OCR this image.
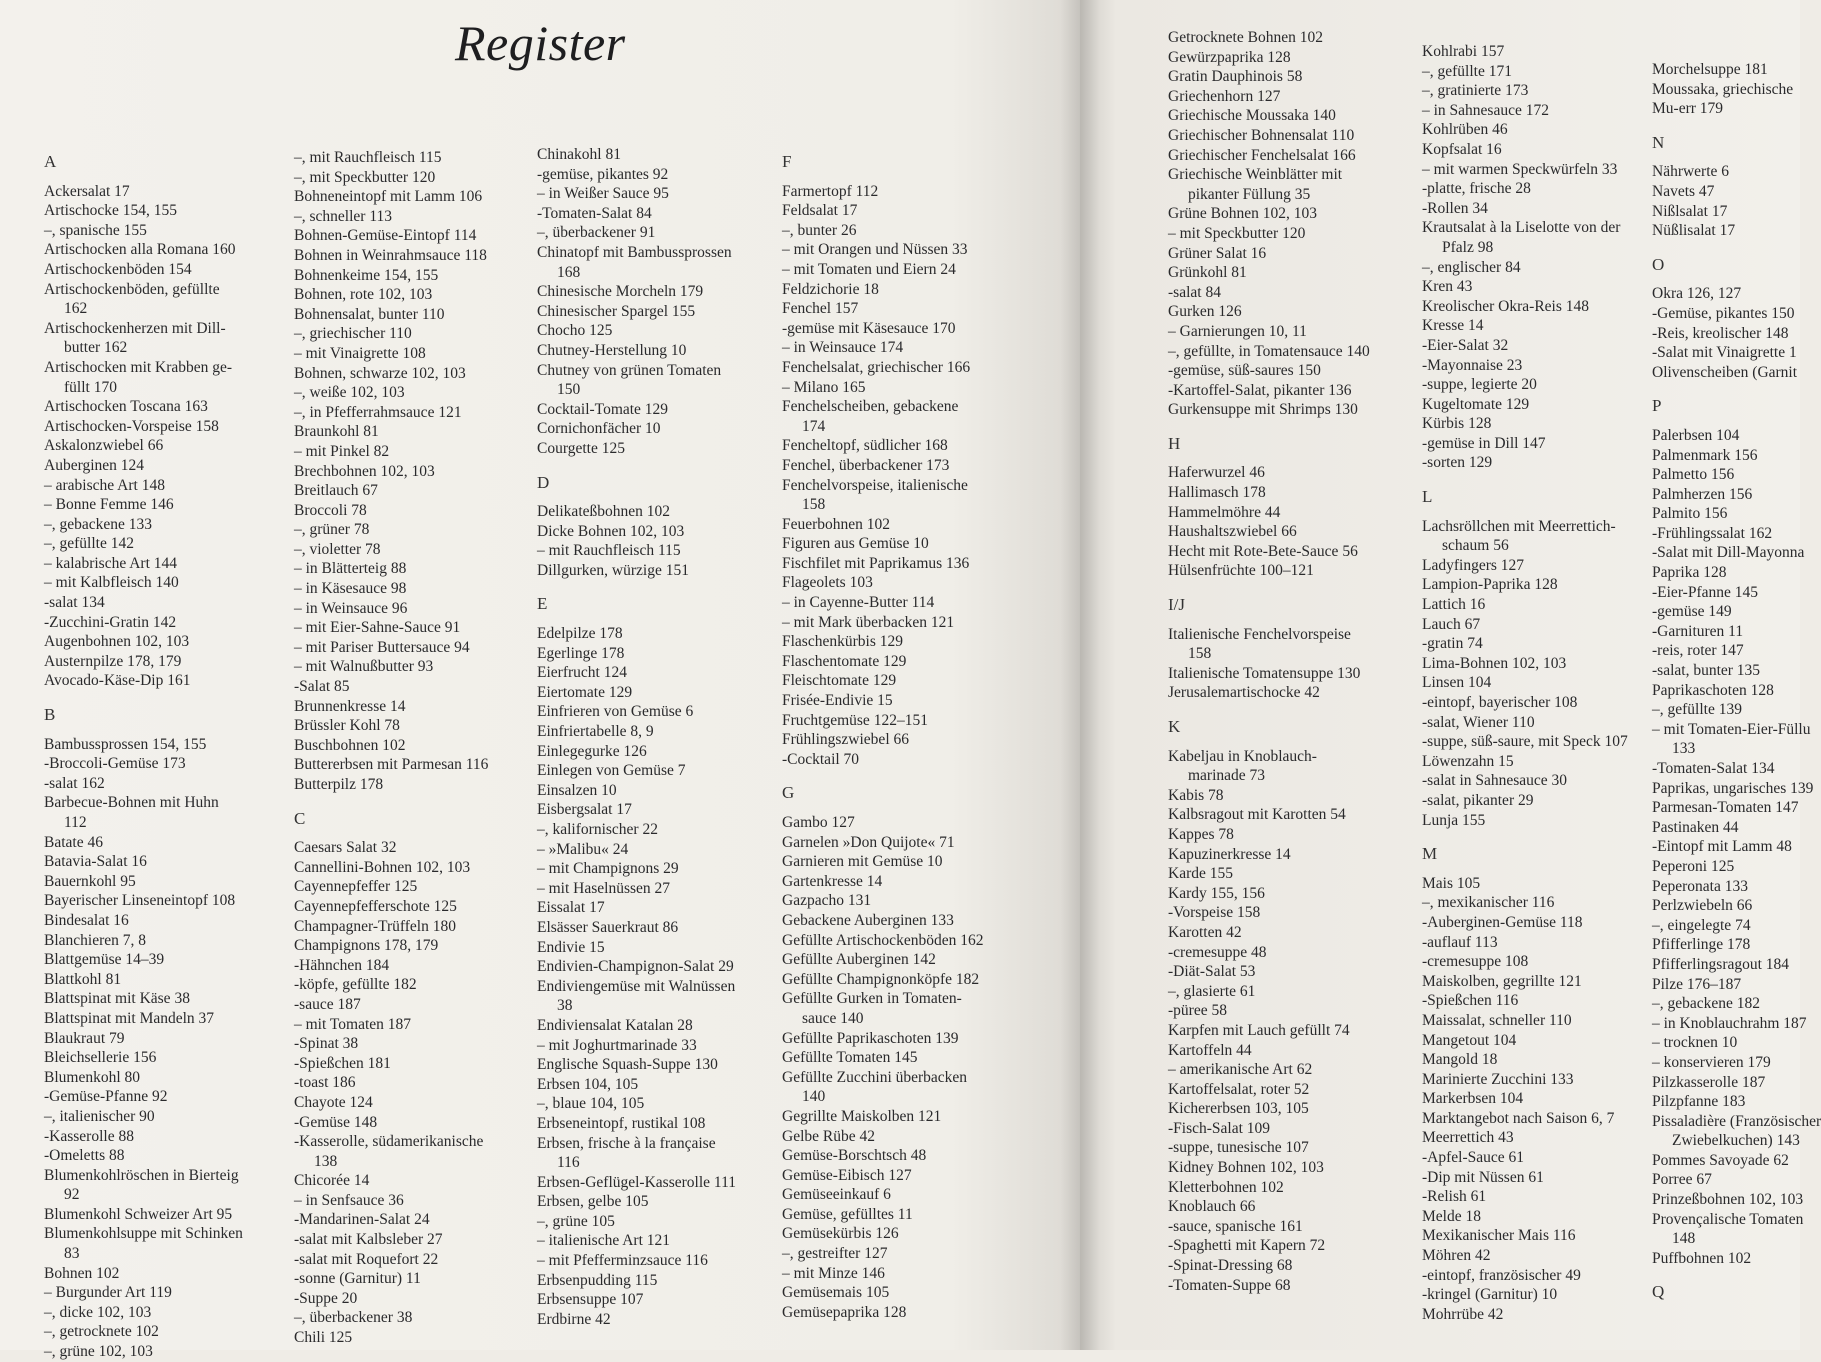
Register
A
Ackersalat 17
Artischocke 154, 155
–, spanische 155
Artischocken alla Romana 160
Artischockenböden 154
Artischockenböden, gefüllte
162
Artischockenherzen mit Dill-
butter 162
Artischocken mit Krabben ge-
füllt 170
Artischocken Toscana 163
Artischocken-Vorspeise 158
Askalonzwiebel 66
Auberginen 124
– arabische Art 148
– Bonne Femme 146
–, gebackene 133
–, gefüllte 142
– kalabrische Art 144
– mit Kalbfleisch 140
-salat 134
-Zucchini-Gratin 142
Augenbohnen 102, 103
Austernpilze 178, 179
Avocado-Käse-Dip 161
B
Bambussprossen 154, 155
-Broccoli-Gemüse 173
-salat 162
Barbecue-Bohnen mit Huhn
112
Batate 46
Batavia-Salat 16
Bauernkohl 95
Bayerischer Linseneintopf 108
Bindesalat 16
Blanchieren 7, 8
Blattgemüse 14–39
Blattkohl 81
Blattspinat mit Käse 38
Blattspinat mit Mandeln 37
Blaukraut 79
Bleichsellerie 156
Blumenkohl 80
-Gemüse-Pfanne 92
–, italienischer 90
-Kasserolle 88
-Omeletts 88
Blumenkohlröschen in Bierteig
92
Blumenkohl Schweizer Art 95
Blumenkohlsuppe mit Schinken
83
Bohnen 102
– Burgunder Art 119
–, dicke 102, 103
–, getrocknete 102
–, grüne 102, 103
–, mit Rauchfleisch 115
–, mit Speckbutter 120
Bohneneintopf mit Lamm 106
–, schneller 113
Bohnen-Gemüse-Eintopf 114
Bohnen in Weinrahmsauce 118
Bohnenkeime 154, 155
Bohnen, rote 102, 103
Bohnensalat, bunter 110
–, griechischer 110
– mit Vinaigrette 108
Bohnen, schwarze 102, 103
–, weiße 102, 103
–, in Pfefferrahmsauce 121
Braunkohl 81
– mit Pinkel 82
Brechbohnen 102, 103
Breitlauch 67
Broccoli 78
–, grüner 78
–, violetter 78
– in Blätterteig 88
– in Käsesauce 98
– in Weinsauce 96
– mit Eier-Sahne-Sauce 91
– mit Pariser Buttersauce 94
– mit Walnußbutter 93
-Salat 85
Brunnenkresse 14
Brüssler Kohl 78
Buschbohnen 102
Buttererbsen mit Parmesan 116
Butterpilz 178
C
Caesars Salat 32
Cannellini-Bohnen 102, 103
Cayennepfeffer 125
Cayennepfefferschote 125
Champagner-Trüffeln 180
Champignons 178, 179
-Hähnchen 184
-köpfe, gefüllte 182
-sauce 187
– mit Tomaten 187
-Spinat 38
-Spießchen 181
-toast 186
Chayote 124
-Gemüse 148
-Kasserolle, südamerikanische
138
Chicorée 14
– in Senfsauce 36
-Mandarinen-Salat 24
-salat mit Kalbsleber 27
-salat mit Roquefort 22
-sonne (Garnitur) 11
-Suppe 20
–, überbackener 38
Chili 125
Chinakohl 81
-gemüse, pikantes 92
– in Weißer Sauce 95
-Tomaten-Salat 84
–, überbackener 91
Chinatopf mit Bambussprossen
168
Chinesische Morcheln 179
Chinesischer Spargel 155
Chocho 125
Chutney-Herstellung 10
Chutney von grünen Tomaten
150
Cocktail-Tomate 129
Cornichonfächer 10
Courgette 125
D
Delikateßbohnen 102
Dicke Bohnen 102, 103
– mit Rauchfleisch 115
Dillgurken, würzige 151
E
Edelpilze 178
Egerlinge 178
Eierfrucht 124
Eiertomate 129
Einfrieren von Gemüse 6
Einfriertabelle 8, 9
Einlegegurke 126
Einlegen von Gemüse 7
Einsalzen 10
Eisbergsalat 17
–, kalifornischer 22
– »Malibu« 24
– mit Champignons 29
– mit Haselnüssen 27
Eissalat 17
Elsässer Sauerkraut 86
Endivie 15
Endivien-Champignon-Salat 29
Endiviengemüse mit Walnüssen
38
Endiviensalat Katalan 28
– mit Joghurtmarinade 33
Englische Squash-Suppe 130
Erbsen 104, 105
–, blaue 104, 105
Erbseneintopf, rustikal 108
Erbsen, frische à la française
116
Erbsen-Geflügel-Kasserolle 111
Erbsen, gelbe 105
–, grüne 105
– italienische Art 121
– mit Pfefferminzsauce 116
Erbsenpudding 115
Erbsensuppe 107
Erdbirne 42
F
Farmertopf 112
Feldsalat 17
–, bunter 26
– mit Orangen und Nüssen 33
– mit Tomaten und Eiern 24
Feldzichorie 18
Fenchel 157
-gemüse mit Käsesauce 170
– in Weinsauce 174
Fenchelsalat, griechischer 166
– Milano 165
Fenchelscheiben, gebackene
174
Fencheltopf, südlicher 168
Fenchel, überbackener 173
Fenchelvorspeise, italienische
158
Feuerbohnen 102
Figuren aus Gemüse 10
Fischfilet mit Paprikamus 136
Flageolets 103
– in Cayenne-Butter 114
– mit Mark überbacken 121
Flaschenkürbis 129
Flaschentomate 129
Fleischtomate 129
Frisée-Endivie 15
Fruchtgemüse 122–151
Frühlingszwiebel 66
-Cocktail 70
G
Gambo 127
Garnelen »Don Quijote« 71
Garnieren mit Gemüse 10
Gartenkresse 14
Gazpacho 131
Gebackene Auberginen 133
Gefüllte Artischockenböden 162
Gefüllte Auberginen 142
Gefüllte Champignonköpfe 182
Gefüllte Gurken in Tomaten-
sauce 140
Gefüllte Paprikaschoten 139
Gefüllte Tomaten 145
Gefüllte Zucchini überbacken
140
Gegrillte Maiskolben 121
Gelbe Rübe 42
Gemüse-Borschtsch 48
Gemüse-Eibisch 127
Gemüseeinkauf 6
Gemüse, gefülltes 11
Gemüsekürbis 126
–, gestreifter 127
– mit Minze 146
Gemüsemais 105
Gemüsepaprika 128
Getrocknete Bohnen 102
Gewürzpaprika 128
Gratin Dauphinois 58
Griechenhorn 127
Griechische Moussaka 140
Griechischer Bohnensalat 110
Griechischer Fenchelsalat 166
Griechische Weinblätter mit
pikanter Füllung 35
Grüne Bohnen 102, 103
– mit Speckbutter 120
Grüner Salat 16
Grünkohl 81
-salat 84
Gurken 126
– Garnierungen 10, 11
–, gefüllte, in Tomatensauce 140
-gemüse, süß-saures 150
-Kartoffel-Salat, pikanter 136
Gurkensuppe mit Shrimps 130
H
Haferwurzel 46
Hallimasch 178
Hammelmöhre 44
Haushaltszwiebel 66
Hecht mit Rote-Bete-Sauce 56
Hülsenfrüchte 100–121
I/J
Italienische Fenchelvorspeise
158
Italienische Tomatensuppe 130
Jerusalemartischocke 42
K
Kabeljau in Knoblauch-
marinade 73
Kabis 78
Kalbsragout mit Karotten 54
Kappes 78
Kapuzinerkresse 14
Karde 155
Kardy 155, 156
-Vorspeise 158
Karotten 42
-cremesuppe 48
-Diät-Salat 53
–, glasierte 61
-püree 58
Karpfen mit Lauch gefüllt 74
Kartoffeln 44
– amerikanische Art 62
Kartoffelsalat, roter 52
Kichererbsen 103, 105
-Fisch-Salat 109
-suppe, tunesische 107
Kidney Bohnen 102, 103
Kletterbohnen 102
Knoblauch 66
-sauce, spanische 161
-Spaghetti mit Kapern 72
-Spinat-Dressing 68
-Tomaten-Suppe 68
Kohlrabi 157
–, gefüllte 171
–, gratinierte 173
– in Sahnesauce 172
Kohlrüben 46
Kopfsalat 16
– mit warmen Speckwürfeln 33
-platte, frische 28
-Rollen 34
Krautsalat à la Liselotte von der
Pfalz 98
–, englischer 84
Kren 43
Kreolischer Okra-Reis 148
Kresse 14
-Eier-Salat 32
-Mayonnaise 23
-suppe, legierte 20
Kugeltomate 129
Kürbis 128
-gemüse in Dill 147
-sorten 129
L
Lachsröllchen mit Meerrettich-
schaum 56
Ladyfingers 127
Lampion-Paprika 128
Lattich 16
Lauch 67
-gratin 74
Lima-Bohnen 102, 103
Linsen 104
-eintopf, bayerischer 108
-salat, Wiener 110
-suppe, süß-saure, mit Speck 107
Löwenzahn 15
-salat in Sahnesauce 30
-salat, pikanter 29
Lunja 155
M
Mais 105
–, mexikanischer 116
-Auberginen-Gemüse 118
-auflauf 113
-cremesuppe 108
Maiskolben, gegrillte 121
-Spießchen 116
Maissalat, schneller 110
Mangetout 104
Mangold 18
Marinierte Zucchini 133
Markerbsen 104
Marktangebot nach Saison 6, 7
Meerrettich 43
-Apfel-Sauce 61
-Dip mit Nüssen 61
-Relish 61
Melde 18
Mexikanischer Mais 116
Möhren 42
-eintopf, französischer 49
-kringel (Garnitur) 10
Mohrrübe 42
Morchelsuppe 181
Moussaka, griechische
Mu-err 179
N
Nährwerte 6
Navets 47
Nißlsalat 17
Nüßlisalat 17
O
Okra 126, 127
-Gemüse, pikantes 150
-Reis, kreolischer 148
-Salat mit Vinaigrette 1
Olivenscheiben (Garnit
P
Palerbsen 104
Palmenmark 156
Palmetto 156
Palmherzen 156
Palmito 156
-Frühlingssalat 162
-Salat mit Dill-Mayonna
Paprika 128
-Eier-Pfanne 145
-gemüse 149
-Garnituren 11
-reis, roter 147
-salat, bunter 135
Paprikaschoten 128
–, gefüllte 139
– mit Tomaten-Eier-Füllu
133
-Tomaten-Salat 134
Paprikas, ungarisches 139
Parmesan-Tomaten 147
Pastinaken 44
-Eintopf mit Lamm 48
Peperoni 125
Peperonata 133
Perlzwiebeln 66
–, eingelegte 74
Pfifferlinge 178
Pfifferlingsragout 184
Pilze 176–187
–, gebackene 182
– in Knoblauchrahm 187
– trocknen 10
– konservieren 179
Pilzkasserolle 187
Pilzpfanne 183
Pissaladière (Französischer
Zwiebelkuchen) 143
Pommes Savoyade 62
Porree 67
Prinzeßbohnen 102, 103
Provençalische Tomaten
148
Puffbohnen 102
Q
